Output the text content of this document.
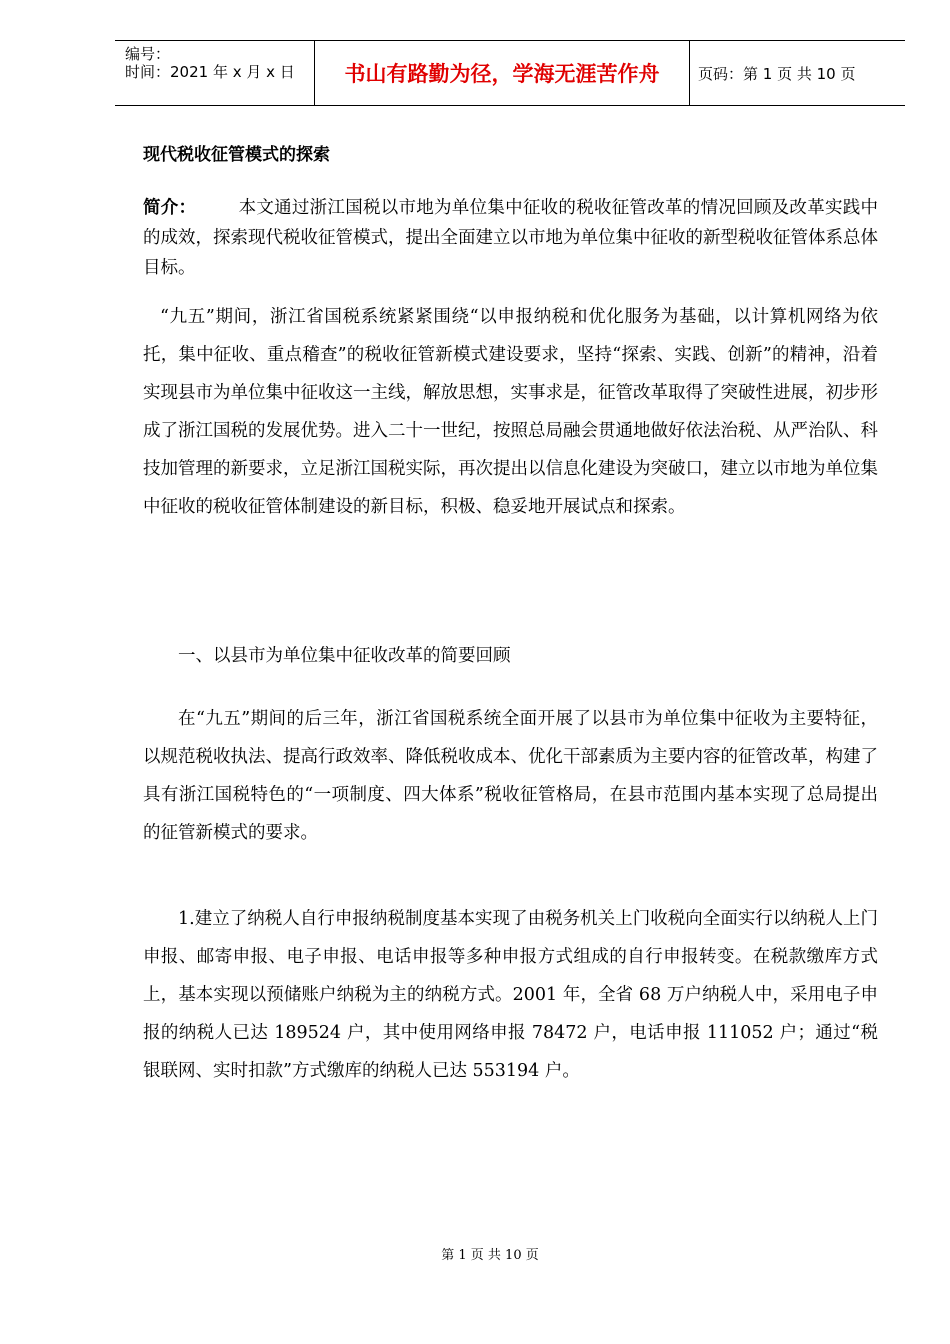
编号：
时间：2021 年 x 月 x 日 书山有路勤为径，学海无涯苦作舟	页码：第 1 页 共 10 页
现代税收征管模式的探索
简介： 本文通过浙江国税以市地为单位集中征收的税收征管改革的情况回顾及改革实践中的成效，探索现代税收征管模式，提出全面建立以市地为单位集中征收的新型税收征管体系总体目标。
“九五”期间，浙江省国税系统紧紧围绕“以申报纳税和优化服务为基础，以计算机网络为依托，集中征收、重点稽查”的税收征管新模式建设要求，坚持“探索、实践、创新”的精神，沿着实现县市为单位集中征收这一主线，解放思想，实事求是，征管改革取得了突破性进展，初步形成了浙江国税的发展优势。进入二十一世纪，按照总局融会贯通地做好依法治税、从严治队、科技加管理的新要求，立足浙江国税实际，再次提出以信息化建设为突破口，建立以市地为单位集中征收的税收征管体制建设的新目标，积极、稳妥地开展试点和探索。
一、以县市为单位集中征收改革的简要回顾
在“九五”期间的后三年，浙江省国税系统全面开展了以县市为单位集中征收为主要特征，以规范税收执法、提高行政效率、降低税收成本、优化干部素质为主要内容的征管改革，构建了具有浙江国税特色的“一项制度、四大体系”税收征管格局，在县市范围内基本实现了总局提出的征管新模式的要求。
1.建立了纳税人自行申报纳税制度基本实现了由税务机关上门收税向全面实行以纳税人上门申报、邮寄申报、电子申报、电话申报等多种申报方式组成的自行申报转变。在税款缴库方式上，基本实现以预储账户纳税为主的纳税方式。2001 年，全省 68 万户纳税人中，采用电子申报的纳税人已达 189524 户，其中使用网络申报 78472 户，电话申报 111052 户；通过“税银联网、实时扣款”方式缴库的纳税人已达 553194 户。
第 1 页 共 10 页
